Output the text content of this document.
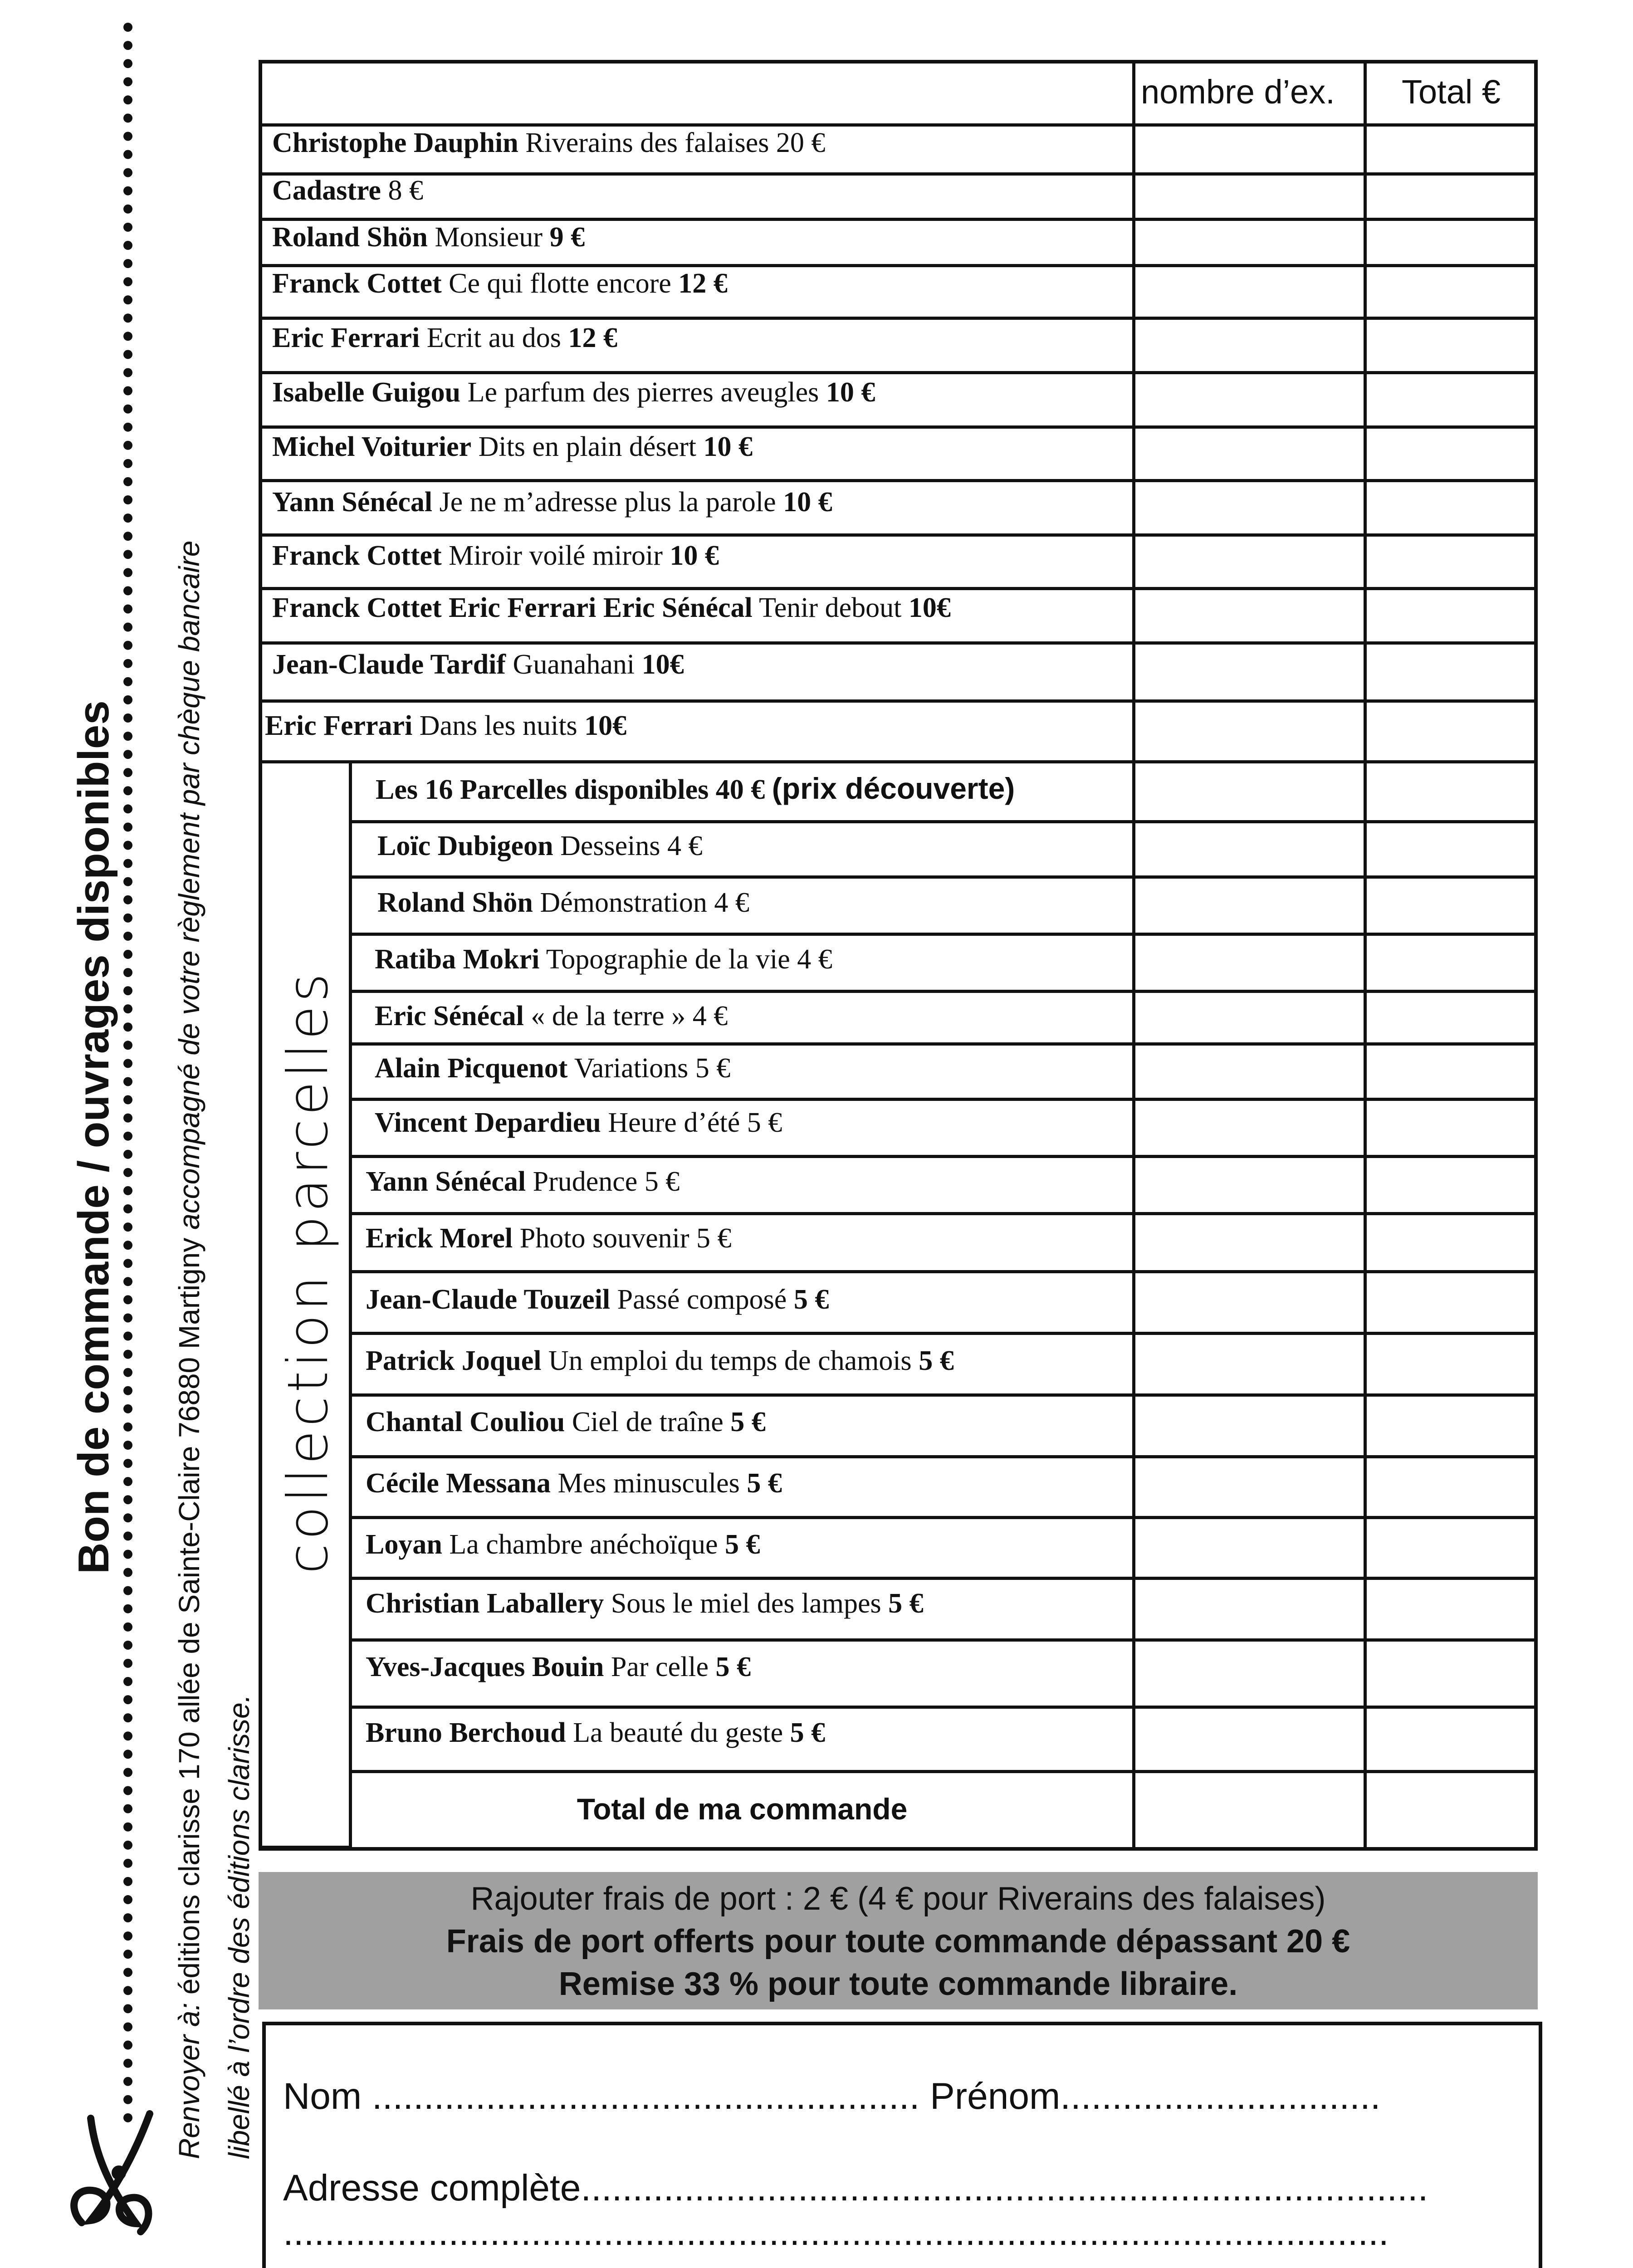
Bon de commande / ouvrages disponibles
Renvoyer à: éditions clarisse 170 allée de Sainte-Claire 76880 Martigny accompagné de votre règlement par chèque bancaire
libellé à l’ordre des éditions clarisse.
collection parcelles
nombre d’ex. Total €
Christophe Dauphin Riverains des falaises 20 €
Cadastre 8 €
Roland Shön Monsieur 9 €
Franck Cottet Ce qui flotte encore 12 €
Eric Ferrari Ecrit au dos 12 €
Isabelle Guigou Le parfum des pierres aveugles 10 €
Michel Voiturier Dits en plain désert 10 €
Yann Sénécal Je ne m’adresse plus la parole 10 €
Franck Cottet Miroir voilé miroir 10 €
Franck Cottet Eric Ferrari Eric Sénécal Tenir debout 10€
Jean-Claude Tardif Guanahani 10€
Eric Ferrari Dans les nuits 10€
Les 16 Parcelles disponibles 40 € (prix découverte)
Loïc Dubigeon Desseins 4 €
Roland Shön Démonstration 4 €
Ratiba Mokri Topographie de la vie 4 €
Eric Sénécal « de la terre » 4 €
Alain Picquenot Variations 5 €
Vincent Depardieu Heure d’été 5 €
Yann Sénécal Prudence 5 €
Erick Morel Photo souvenir 5 €
Jean-Claude Touzeil Passé composé 5 €
Patrick Joquel Un emploi du temps de chamois 5 €
Chantal Couliou Ciel de traîne 5 €
Cécile Messana Mes minuscules 5 €
Loyan La chambre anéchoïque 5 €
Christian Laballery Sous le miel des lampes 5 €
Yves-Jacques Bouin Par celle 5 €
Bruno Berchoud La beauté du geste 5 €
Total de ma commande
Rajouter frais de port : 2 € (4 € pour Riverains des falaises)
Frais de port offerts pour toute commande dépassant 20 €
Remise 33 % pour toute commande libraire.
Nom ..................................................... Prénom...............................
Adresse complète..................................................................................
...........................................................................................................
